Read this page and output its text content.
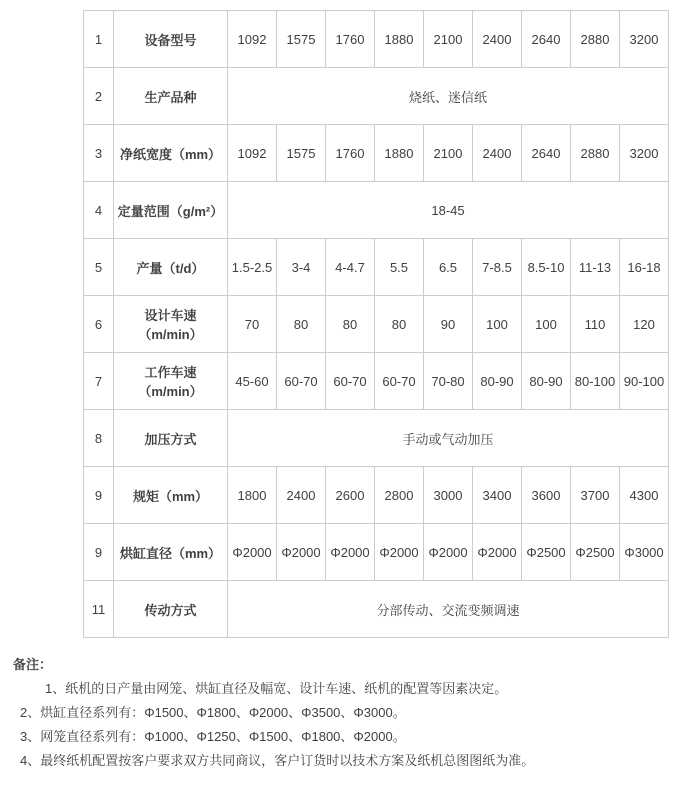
1	设备型号	1092	1575	1760	1880	2100	2400	2640	2880	3200
2	生产品种	烧纸、迷信纸								
3	净纸宽度（mm）	1092	1575	1760	1880	2100	2400	2640	2880	3200
4	定量范围（g/m²）	18-45								
5	产量（t/d）	1.5-2.5	3-4	4-4.7	5.5	6.5	7-8.5	8.5-10	11-13	16-18
6	设计车速（m/min）	70	80	80	80	90	100	100	110	120
7	工作车速（m/min）	45-60	60-70	60-70	60-70	70-80	80-90	80-90	80-100	90-100
8	加压方式	手动或气动加压								
9	规矩（mm）	1800	2400	2600	2800	3000	3400	3600	3700	4300
9	烘缸直径（mm）	Φ2000	Φ2000	Φ2000	Φ2000	Φ2000	Φ2000	Φ2500	Φ2500	Φ3000
11	传动方式	分部传动、交流变频调速								
备注：
1、纸机的日产量由网笼、烘缸直径及幅宽、设计车速、纸机的配置等因素决定。
2、烘缸直径系列有：Φ1500、Φ1800、Φ2000、Φ3500、Φ3000。
3、网笼直径系列有：Φ1000、Φ1250、Φ1500、Φ1800、Φ2000。
4、最终纸机配置按客户要求双方共同商议，客户订货时以技术方案及纸机总图图纸为准。
